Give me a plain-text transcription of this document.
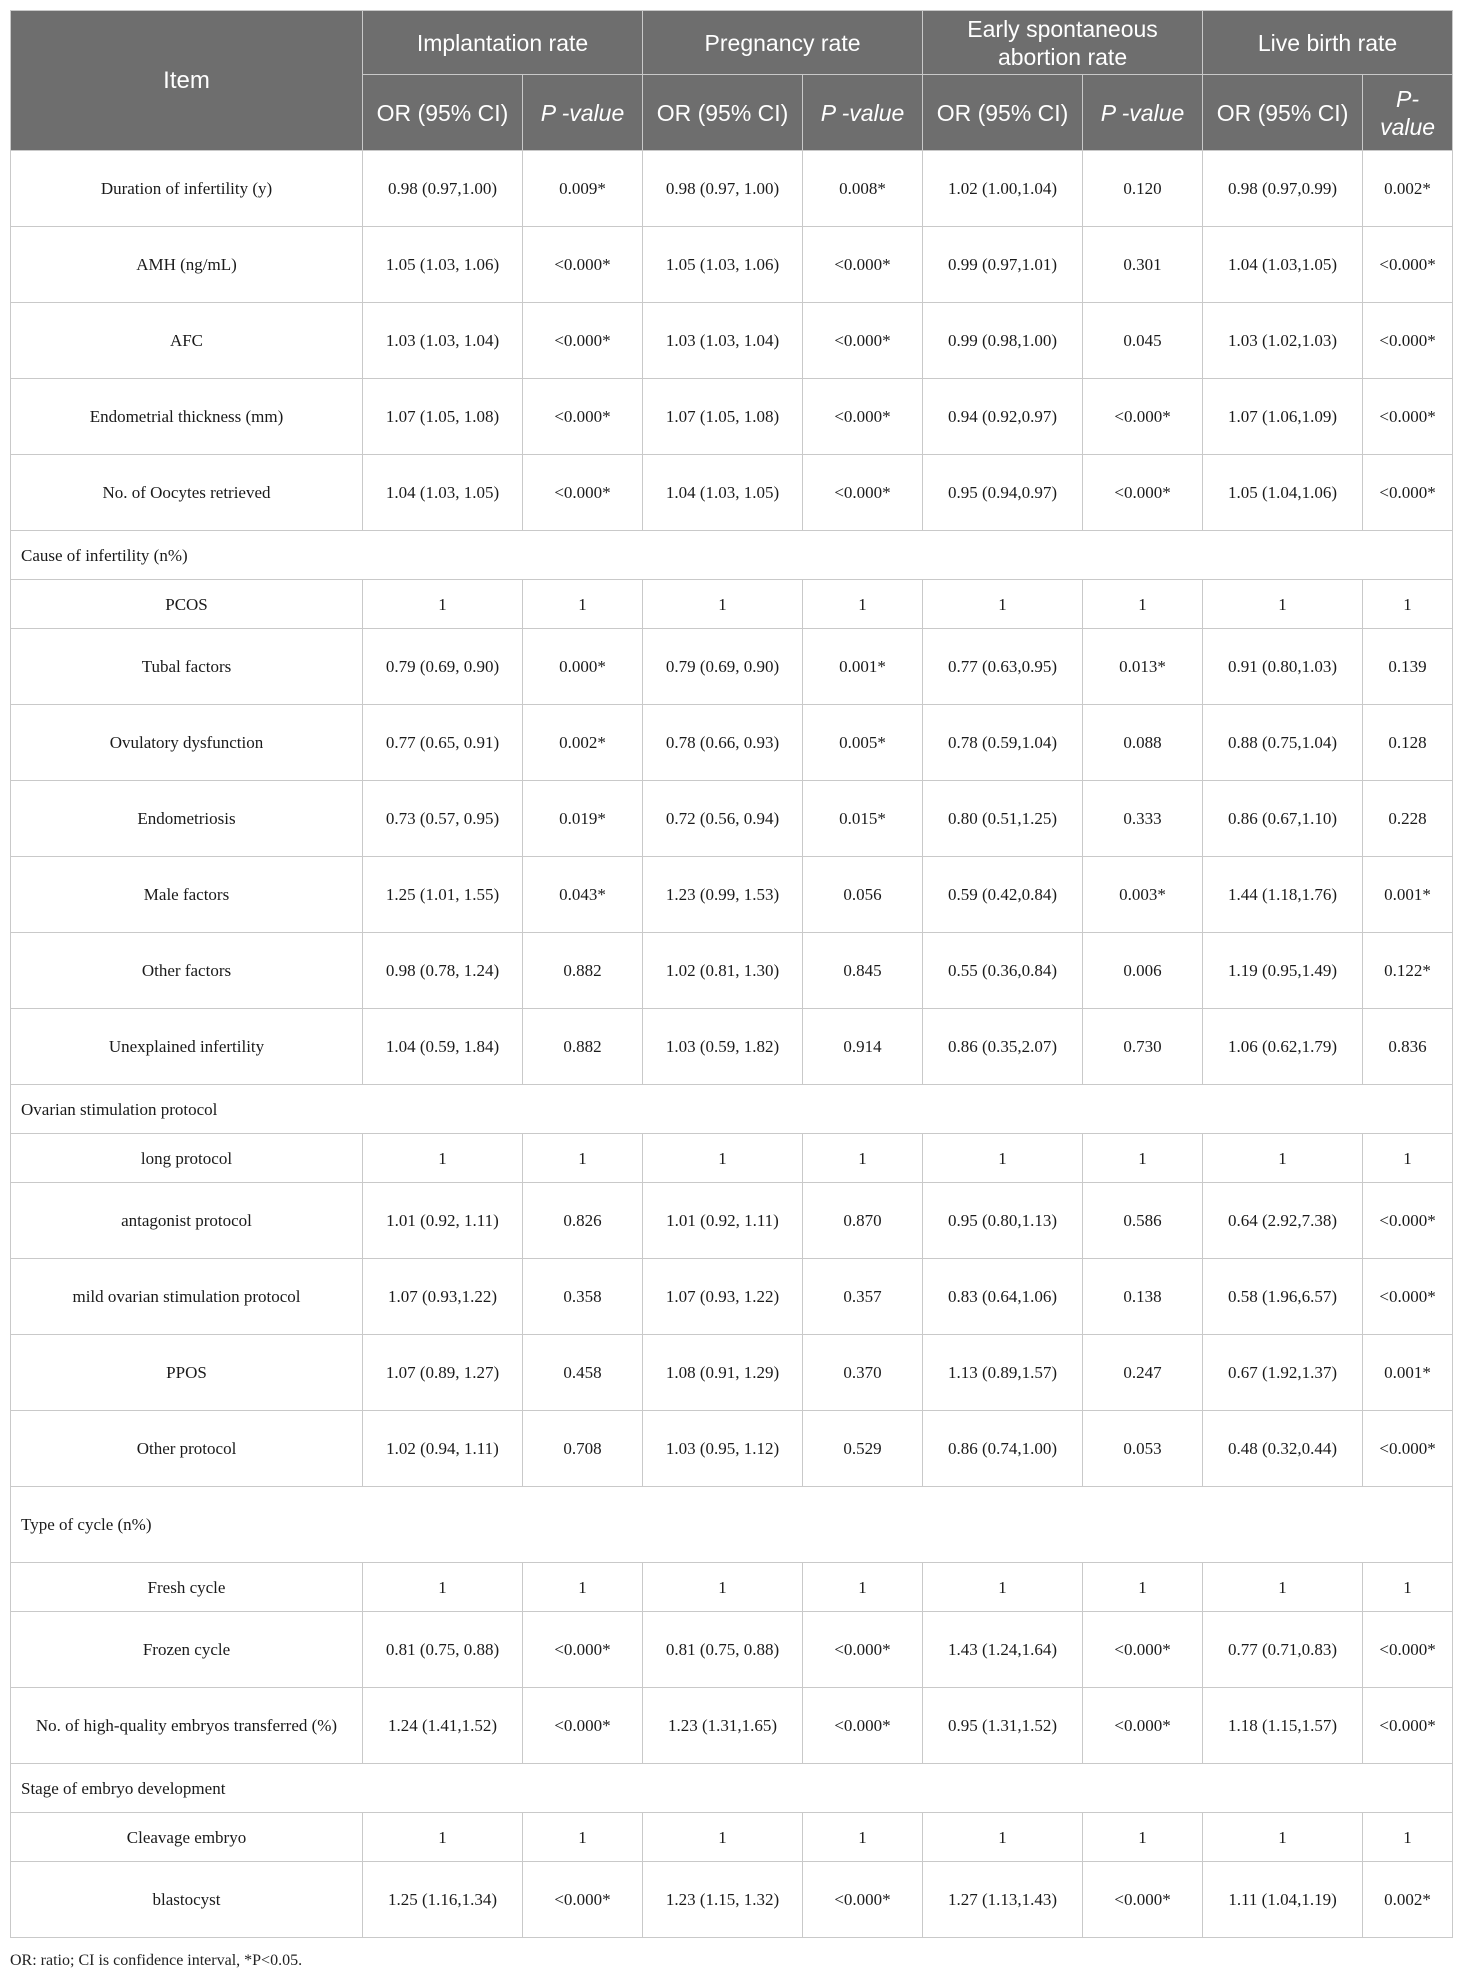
Item	Implantation rate		Pregnancy rate		Early spontaneous abortion rate		Live birth rate	
	OR (95% CI)	P -value	OR (95% CI)	P -value	OR (95% CI)	P -value	OR (95% CI)	P-value
Duration of infertility (y)	0.98 (0.97,1.00)	0.009*	0.98 (0.97, 1.00)	0.008*	1.02 (1.00,1.04)	0.120	0.98 (0.97,0.99)	0.002*
AMH (ng/mL)	1.05 (1.03, 1.06)	<0.000*	1.05 (1.03, 1.06)	<0.000*	0.99 (0.97,1.01)	0.301	1.04 (1.03,1.05)	<0.000*
AFC	1.03 (1.03, 1.04)	<0.000*	1.03 (1.03, 1.04)	<0.000*	0.99 (0.98,1.00)	0.045	1.03 (1.02,1.03)	<0.000*
Endometrial thickness (mm)	1.07 (1.05, 1.08)	<0.000*	1.07 (1.05, 1.08)	<0.000*	0.94 (0.92,0.97)	<0.000*	1.07 (1.06,1.09)	<0.000*
No. of Oocytes retrieved	1.04 (1.03, 1.05)	<0.000*	1.04 (1.03, 1.05)	<0.000*	0.95 (0.94,0.97)	<0.000*	1.05 (1.04,1.06)	<0.000*
Cause of infertility (n%)								
PCOS	1	1	1	1	1	1	1	1
Tubal factors	0.79 (0.69, 0.90)	0.000*	0.79 (0.69, 0.90)	0.001*	0.77 (0.63,0.95)	0.013*	0.91 (0.80,1.03)	0.139
Ovulatory dysfunction	0.77 (0.65, 0.91)	0.002*	0.78 (0.66, 0.93)	0.005*	0.78 (0.59,1.04)	0.088	0.88 (0.75,1.04)	0.128
Endometriosis	0.73 (0.57, 0.95)	0.019*	0.72 (0.56, 0.94)	0.015*	0.80 (0.51,1.25)	0.333	0.86 (0.67,1.10)	0.228
Male factors	1.25 (1.01, 1.55)	0.043*	1.23 (0.99, 1.53)	0.056	0.59 (0.42,0.84)	0.003*	1.44 (1.18,1.76)	0.001*
Other factors	0.98 (0.78, 1.24)	0.882	1.02 (0.81, 1.30)	0.845	0.55 (0.36,0.84)	0.006	1.19 (0.95,1.49)	0.122*
Unexplained infertility	1.04 (0.59, 1.84)	0.882	1.03 (0.59, 1.82)	0.914	0.86 (0.35,2.07)	0.730	1.06 (0.62,1.79)	0.836
Ovarian stimulation protocol								
long protocol	1	1	1	1	1	1	1	1
antagonist protocol	1.01 (0.92, 1.11)	0.826	1.01 (0.92, 1.11)	0.870	0.95 (0.80,1.13)	0.586	0.64 (2.92,7.38)	<0.000*
mild ovarian stimulation protocol	1.07 (0.93,1.22)	0.358	1.07 (0.93, 1.22)	0.357	0.83 (0.64,1.06)	0.138	0.58 (1.96,6.57)	<0.000*
PPOS	1.07 (0.89, 1.27)	0.458	1.08 (0.91, 1.29)	0.370	1.13 (0.89,1.57)	0.247	0.67 (1.92,1.37)	0.001*
Other protocol	1.02 (0.94, 1.11)	0.708	1.03 (0.95, 1.12)	0.529	0.86 (0.74,1.00)	0.053	0.48 (0.32,0.44)	<0.000*
Type of cycle (n%)								
Fresh cycle	1	1	1	1	1	1	1	1
Frozen cycle	0.81 (0.75, 0.88)	<0.000*	0.81 (0.75, 0.88)	<0.000*	1.43 (1.24,1.64)	<0.000*	0.77 (0.71,0.83)	<0.000*
No. of high-quality embryos transferred (%)	1.24 (1.41,1.52)	<0.000*	1.23 (1.31,1.65)	<0.000*	0.95 (1.31,1.52)	<0.000*	1.18 (1.15,1.57)	<0.000*
Stage of embryo development								
Cleavage embryo	1	1	1	1	1	1	1	1
blastocyst	1.25 (1.16,1.34)	<0.000*	1.23 (1.15, 1.32)	<0.000*	1.27 (1.13,1.43)	<0.000*	1.11 (1.04,1.19)	0.002*
OR: ratio; CI is confidence interval, *P<0.05.
